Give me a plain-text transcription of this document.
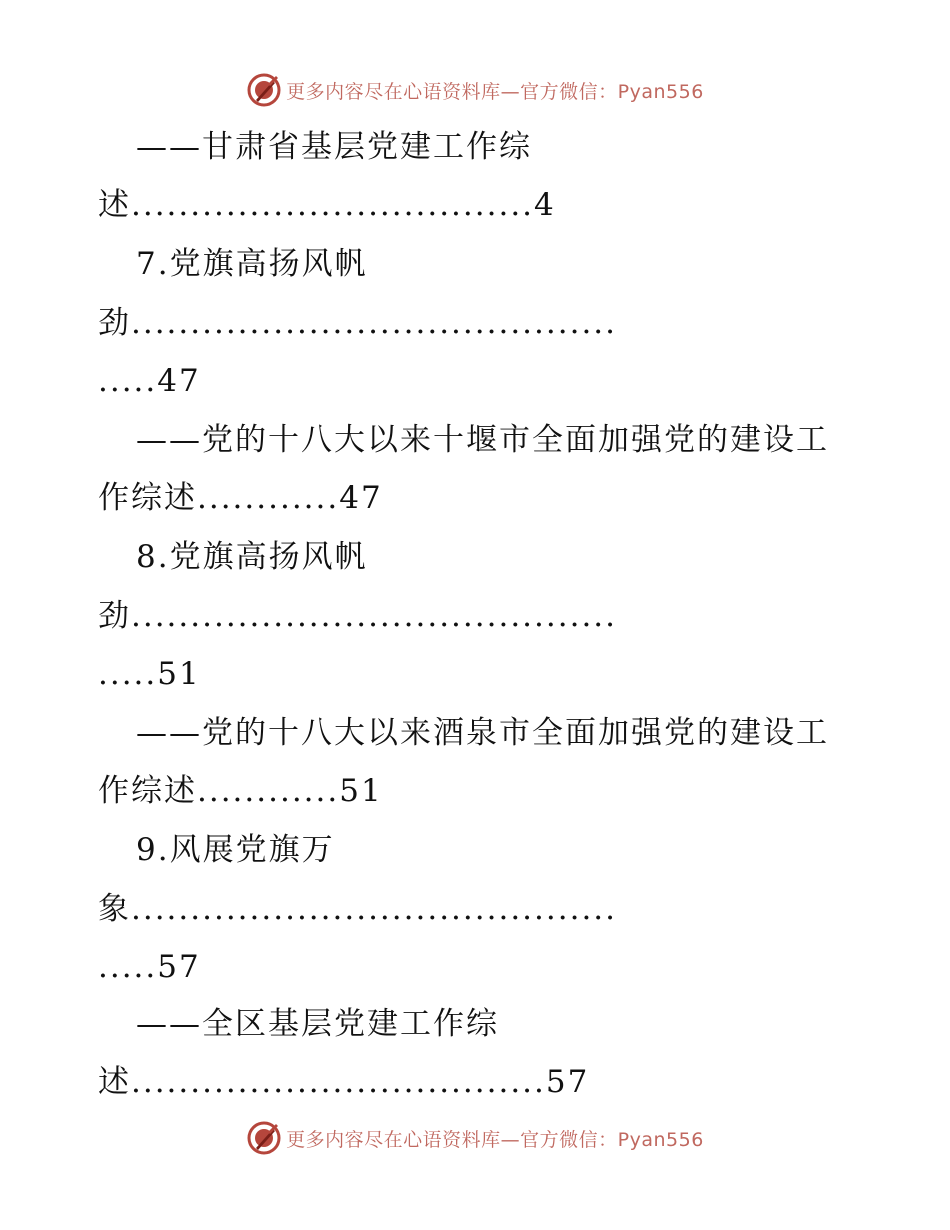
更多内容尽在心语资料库—官方微信：Pyan556
——甘肃省基层党建工作综
述..................................4
7.党旗高扬风帆
劲.........................................
.....47
——党的十八大以来十堰市全面加强党的建设工
作综述............47
8.党旗高扬风帆
劲.........................................
.....51
——党的十八大以来酒泉市全面加强党的建设工
作综述............51
9.风展党旗万
象.........................................
.....57
——全区基层党建工作综
述...................................57
更多内容尽在心语资料库—官方微信：Pyan556
